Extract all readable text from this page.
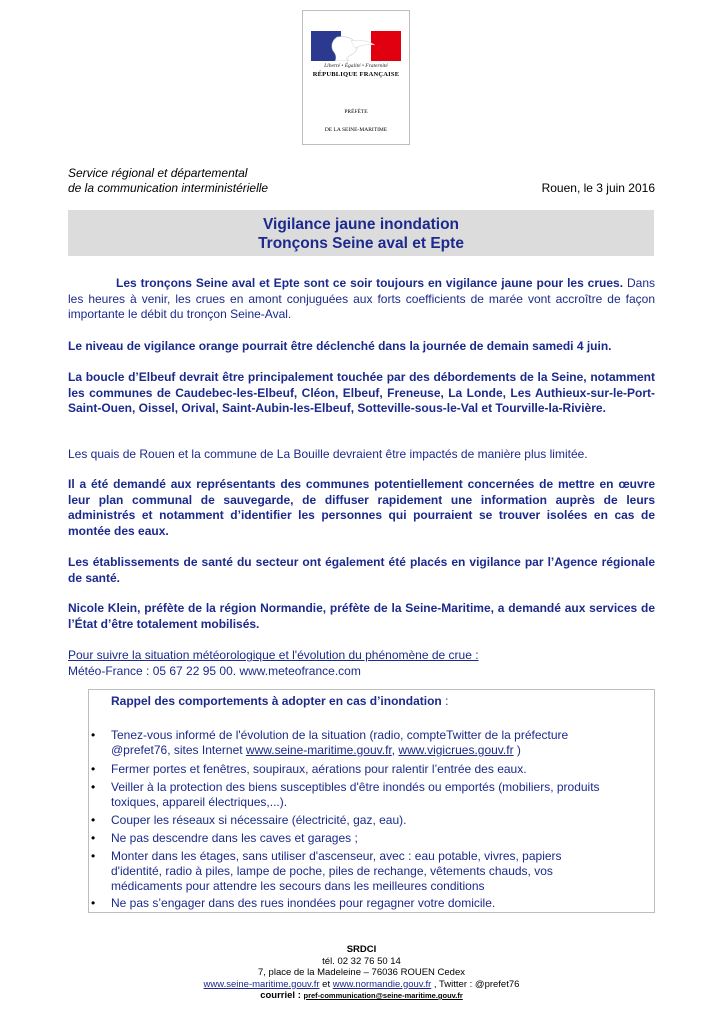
Liberté • Égalité • Fraternité
RÉPUBLIQUE FRANÇAISE
PRÉFÈTE
DE LA SEINE-MARITIME
Service régional et départemental
de la communication interministérielle	Rouen, le 3 juin 2016
Vigilance jaune inondation
Tronçons Seine aval et Epte
Les tronçons Seine aval et Epte sont ce soir toujours en vigilance jaune pour les crues. Dans les heures à venir, les crues en amont conjuguées aux forts coefficients de marée vont accroître de façon importante le débit du tronçon Seine-Aval.
Le niveau de vigilance orange pourrait être déclenché dans la journée de demain samedi 4 juin.
La boucle d’Elbeuf devrait être principalement touchée par des débordements de la Seine, notamment les communes de Caudebec-les-Elbeuf, Cléon, Elbeuf, Freneuse, La Londe, Les Authieux-sur-le-Port-Saint-Ouen, Oissel, Orival, Saint-Aubin-les-Elbeuf, Sotteville-sous-le-Val et Tourville-la-Rivière.
Les quais de Rouen et la commune de La Bouille devraient être impactés de manière plus limitée.
Il a été demandé aux représentants des communes potentiellement concernées de mettre en œuvre leur plan communal de sauvegarde, de diffuser rapidement une information auprès de leurs administrés et notamment d’identifier les personnes qui pourraient se trouver isolées en cas de montée des eaux.
Les établissements de santé du secteur ont également été placés en vigilance par l’Agence régionale de santé.
Nicole Klein, préfète de la région Normandie, préfète de la Seine-Maritime, a demandé aux services de l’État d’être totalement mobilisés.
Pour suivre la situation météorologique et l'évolution du phénomène de crue :
Météo-France : 05 67 22 95 00. www.meteofrance.com
Rappel des comportements à adopter en cas d’inondation :
• Tenez-vous informé de l'évolution de la situation (radio, compteTwitter de la préfecture
@prefet76, sites Internet www.seine-maritime.gouv.fr, www.vigicrues.gouv.fr )
• Fermer portes et fenêtres, soupiraux, aérations pour ralentir l’entrée des eaux.
• Veiller à la protection des biens susceptibles d'être inondés ou emportés (mobiliers, produits
toxiques, appareil électriques,...).
• Couper les réseaux si nécessaire (électricité, gaz, eau).
• Ne pas descendre dans les caves et garages ;
• Monter dans les étages, sans utiliser d'ascenseur, avec : eau potable, vivres, papiers
d'identité, radio à piles, lampe de poche, piles de rechange, vêtements chauds, vos
médicaments pour attendre les secours dans les meilleures conditions
• Ne pas s’engager dans des rues inondées pour regagner votre domicile.
SRDCI
tél. 02 32 76 50 14
7, place de la Madeleine – 76036 ROUEN Cedex
www.seine-maritime.gouv.fr et www.normandie.gouv.fr , Twitter : @prefet76
courriel : pref-communication@seine-maritime.gouv.fr
